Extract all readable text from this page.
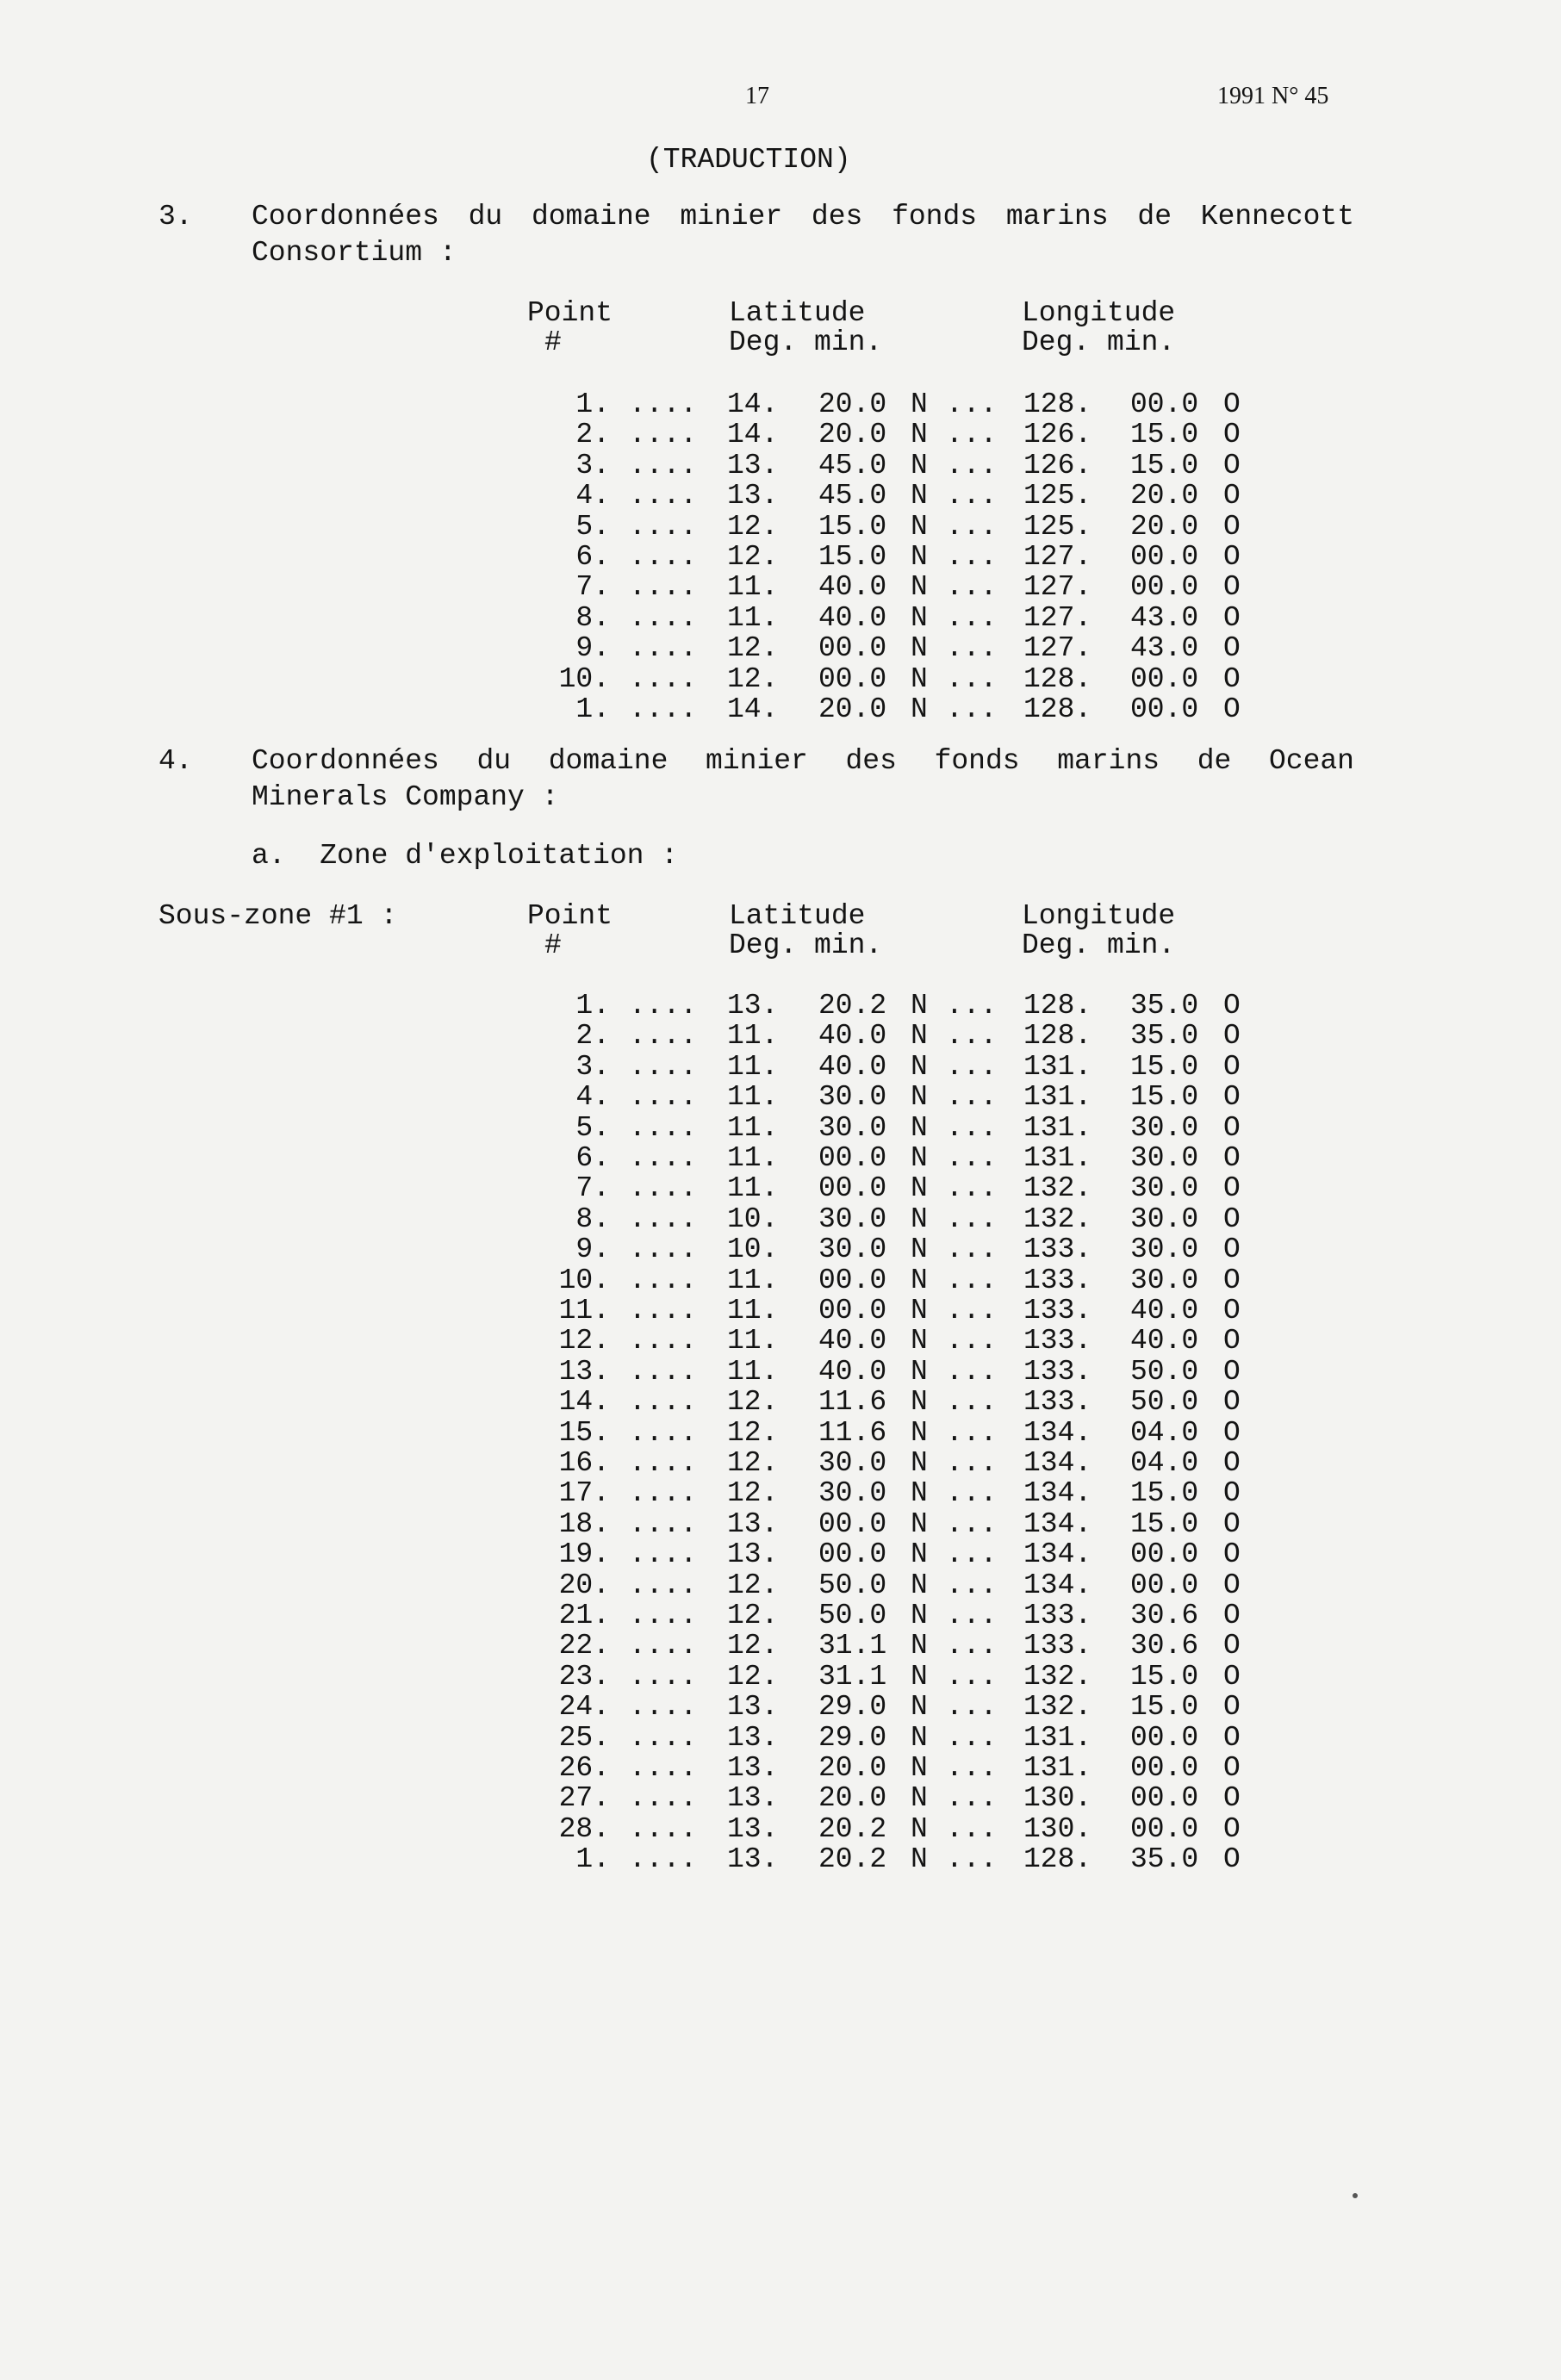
17	1991 N° 45
(TRADUCTION)
3. Coordonnées du domaine minier des fonds marins de Kennecott
Consortium :
Point
#
Latitude
Deg. min.
Longitude
Deg. min.
1. .... 14. 20.0 N ... 128. 00.0 O
2. .... 14. 20.0 N ... 126. 15.0 O
3. .... 13. 45.0 N ... 126. 15.0 O
4. .... 13. 45.0 N ... 125. 20.0 O
5. .... 12. 15.0 N ... 125. 20.0 O
6. .... 12. 15.0 N ... 127. 00.0 O
7. .... 11. 40.0 N ... 127. 00.0 O
8. .... 11. 40.0 N ... 127. 43.0 O
9. .... 12. 00.0 N ... 127. 43.0 O
10. .... 12. 00.0 N ... 128. 00.0 O
1. .... 14. 20.0 N ... 128. 00.0 O
4. Coordonnées du domaine minier des fonds marins de Ocean
Minerals Company :
a.  Zone d'exploitation :
Sous-zone #1 :	Point
#
Latitude
Deg. min.
Longitude
Deg. min.
1. .... 13. 20.2 N ... 128. 35.0 O
2. .... 11. 40.0 N ... 128. 35.0 O
3. .... 11. 40.0 N ... 131. 15.0 O
4. .... 11. 30.0 N ... 131. 15.0 O
5. .... 11. 30.0 N ... 131. 30.0 O
6. .... 11. 00.0 N ... 131. 30.0 O
7. .... 11. 00.0 N ... 132. 30.0 O
8. .... 10. 30.0 N ... 132. 30.0 O
9. .... 10. 30.0 N ... 133. 30.0 O
10. .... 11. 00.0 N ... 133. 30.0 O
11. .... 11. 00.0 N ... 133. 40.0 O
12. .... 11. 40.0 N ... 133. 40.0 O
13. .... 11. 40.0 N ... 133. 50.0 O
14. .... 12. 11.6 N ... 133. 50.0 O
15. .... 12. 11.6 N ... 134. 04.0 O
16. .... 12. 30.0 N ... 134. 04.0 O
17. .... 12. 30.0 N ... 134. 15.0 O
18. .... 13. 00.0 N ... 134. 15.0 O
19. .... 13. 00.0 N ... 134. 00.0 O
20. .... 12. 50.0 N ... 134. 00.0 O
21. .... 12. 50.0 N ... 133. 30.6 O
22. .... 12. 31.1 N ... 133. 30.6 O
23. .... 12. 31.1 N ... 132. 15.0 O
24. .... 13. 29.0 N ... 132. 15.0 O
25. .... 13. 29.0 N ... 131. 00.0 O
26. .... 13. 20.0 N ... 131. 00.0 O
27. .... 13. 20.0 N ... 130. 00.0 O
28. .... 13. 20.2 N ... 130. 00.0 O
1. .... 13. 20.2 N ... 128. 35.0 O
